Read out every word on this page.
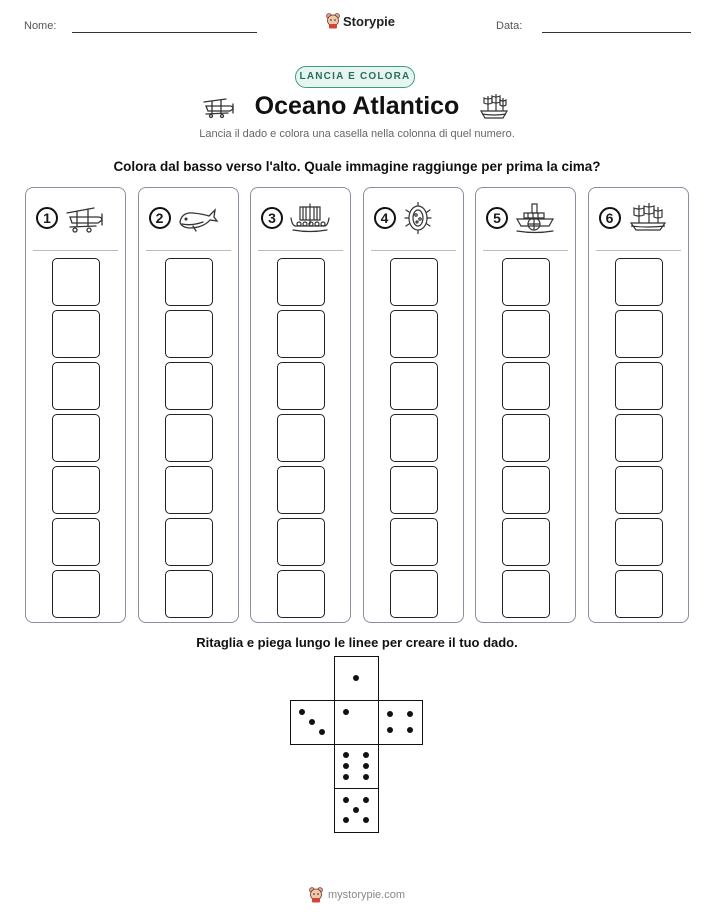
Nome:	Storypie	Data:
LANCIA E COLORA
Oceano Atlantico
Lancia il dado e colora una casella nella colonna di quel numero.
Colora dal basso verso l'alto. Quale immagine raggiunge per prima la cima?
1	2	3	4	5	6
Ritaglia e piega lungo le linee per creare il tuo dado.
mystorypie.com
